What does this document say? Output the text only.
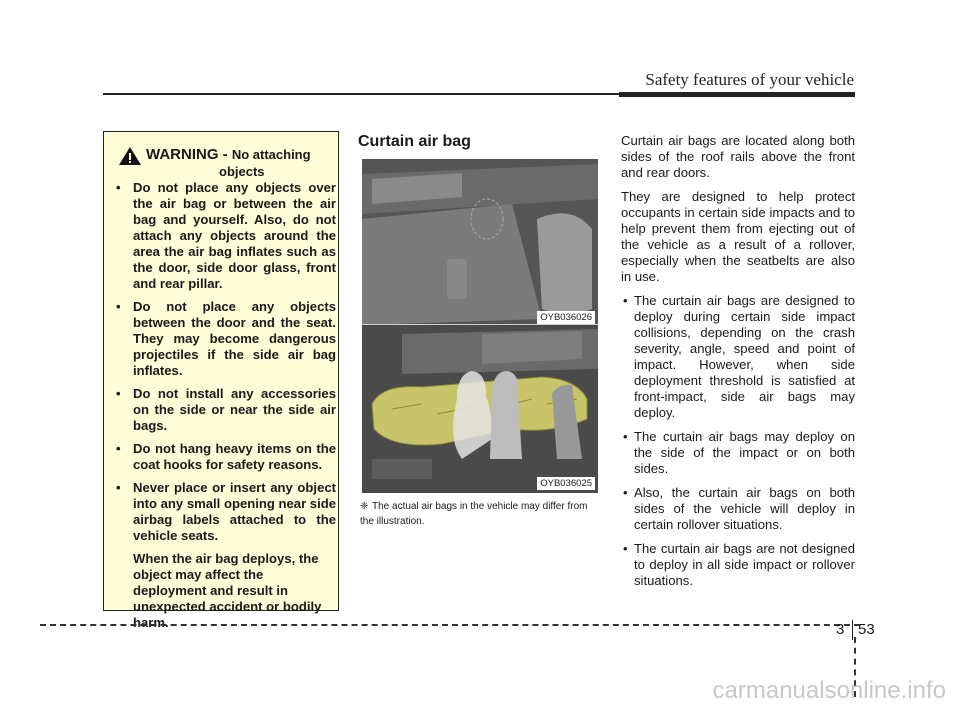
Safety features of your vehicle
WARNING - No attaching
objects
• Do not place any objects over the air bag or between the air bag and yourself. Also, do not attach any objects around the area the air bag inflates such as the door, side door glass, front and rear pillar.
• Do not place any objects between the door and the seat. They may become dangerous projectiles if the side air bag inflates.
• Do not install any accessories on the side or near the side air bags.
• Do not hang heavy items on the coat hooks for safety reasons.
• Never place or insert any object into any small opening near side airbag labels attached to the vehicle seats.
When the air bag deploys, the object may affect the deployment and result in unexpected accident or bodily harm.
Curtain air bag
OYB036026
OYB036025
❈ The actual air bags in the vehicle may differ from the illustration.

Curtain air bags are located along both sides of the roof rails above the front and rear doors.

They are designed to help protect occupants in certain side impacts and to help prevent them from ejecting out of the vehicle as a result of a rollover, especially when the seatbelts are also in use.

• The curtain air bags are designed to deploy during certain side impact collisions, depending on the crash severity, angle, speed and point of impact. However, when side deployment threshold is satisfied at front-impact, side air bags may deploy.
• The curtain air bags may deploy on the side of the impact or on both sides.
• Also, the curtain air bags on both sides of the vehicle will deploy in certain rollover situations.
• The curtain air bags are not designed to deploy in all side impact or rollover situations.
3 53
carmanualsonline.info
